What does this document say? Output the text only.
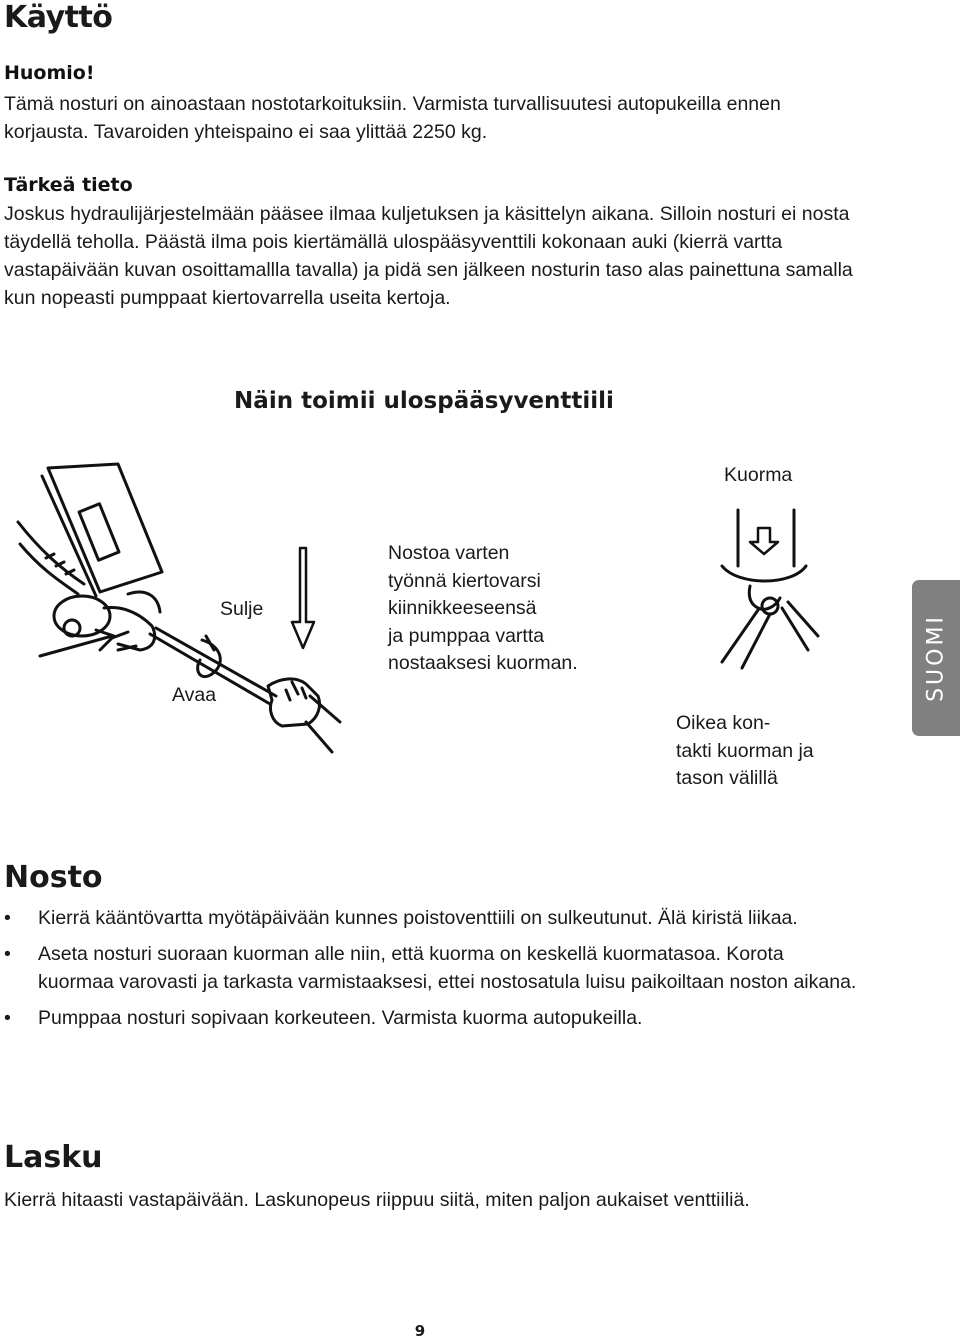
Käyttö

Huomio!

Tämä nosturi on ainoastaan nostotarkoituksiin. Varmista turvallisuutesi autopukeilla ennen korjausta. Tavaroiden yhteispaino ei saa ylittää 2250 kg.

Tärkeä tieto

Joskus hydraulijärjestelmään pääsee ilmaa kuljetuksen ja käsittelyn aikana. Silloin nosturi ei nosta täydellä teholla. Päästä ilma pois kiertämällä ulospääsyventtili kokonaan auki (kierrä vartta vastapäivään kuvan osoittamallla tavalla) ja pidä sen jälkeen nosturin taso alas painettuna samalla kun nopeasti pumppaat kiertovarrella useita kertoja.

Näin toimii ulospääsyventtiili

Sulje

Avaa

Nostoa varten
työnnä kiertovarsi
kiinnikkeeseensä
ja pumppaa vartta
nostaaksesi kuorman.

Kuorma

Oikea kon-
takti kuorman ja
tason välillä

SUOMI
Nosto
• Kierrä kääntövartta myötäpäivään kunnes poistoventtiili on sulkeutunut. Älä kiristä liikaa.
• Aseta nosturi suoraan kuorman alle niin, että kuorma on keskellä kuormatasoa. Korota kuormaa varovasti ja tarkasta varmistaaksesi, ettei nostosatula luisu paikoiltaan noston aikana.
• Pumppaa nosturi sopivaan korkeuteen. Varmista kuorma autopukeilla.
Lasku

Kierrä hitaasti vastapäivään. Laskunopeus riippuu siitä, miten paljon aukaiset venttiiliä.

9
